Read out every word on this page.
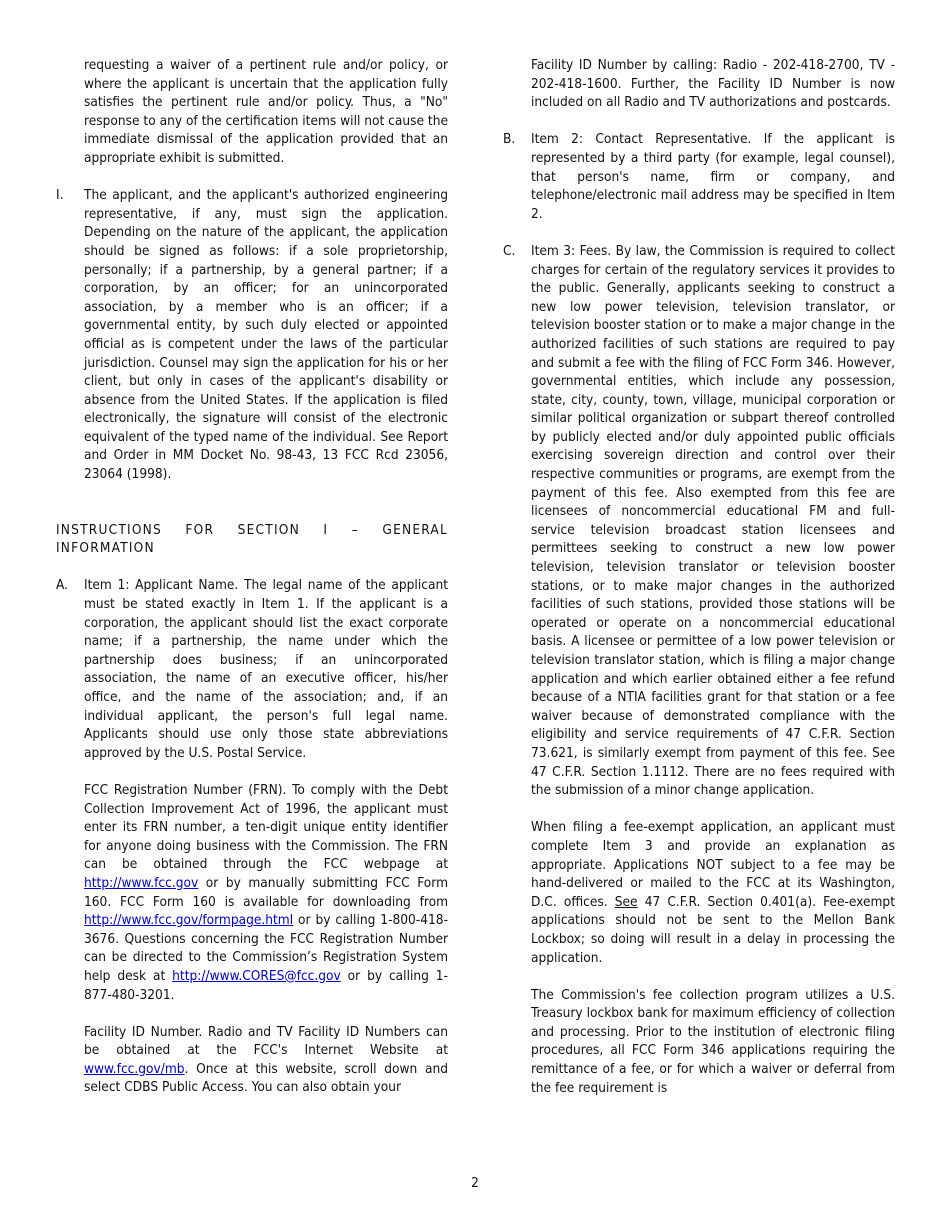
requesting a waiver of a pertinent rule and/or policy, or where the applicant is uncertain that the application fully satisfies the pertinent rule and/or policy. Thus, a "No" response to any of the certification items will not cause the immediate dismissal of the application provided that an appropriate exhibit is submitted.

I. The applicant, and the applicant's authorized engineering representative, if any, must sign the application. Depending on the nature of the applicant, the application should be signed as follows: if a sole proprietorship, personally; if a partnership, by a general partner; if a corporation, by an officer; for an unincorporated association, by a member who is an officer; if a governmental entity, by such duly elected or appointed official as is competent under the laws of the particular jurisdiction. Counsel may sign the application for his or her client, but only in cases of the applicant's disability or absence from the United States. If the application is filed electronically, the signature will consist of the electronic equivalent of the typed name of the individual. See Report and Order in MM Docket No. 98-43, 13 FCC Rcd 23056, 23064 (1998).
INSTRUCTIONS FOR SECTION I – GENERAL INFORMATION
A. Item 1: Applicant Name. The legal name of the applicant must be stated exactly in Item 1. If the applicant is a corporation, the applicant should list the exact corporate name; if a partnership, the name under which the partnership does business; if an unincorporated association, the name of an executive officer, his/her office, and the name of the association; and, if an individual applicant, the person's full legal name. Applicants should use only those state abbreviations approved by the U.S. Postal Service.

FCC Registration Number (FRN). To comply with the Debt Collection Improvement Act of 1996, the applicant must enter its FRN number, a ten-digit unique entity identifier for anyone doing business with the Commission. The FRN can be obtained through the FCC webpage at http://www.fcc.gov or by manually submitting FCC Form 160. FCC Form 160 is available for downloading from http://www.fcc.gov/formpage.html or by calling 1-800-418-3676. Questions concerning the FCC Registration Number can be directed to the Commission’s Registration System help desk at http://www.CORES@fcc.gov or by calling 1-877-480-3201.

Facility ID Number. Radio and TV Facility ID Numbers can be obtained at the FCC's Internet Website at www.fcc.gov/mb. Once at this website, scroll down and select CDBS Public Access. You can also obtain your

Facility ID Number by calling: Radio - 202-418-2700, TV - 202-418-1600. Further, the Facility ID Number is now included on all Radio and TV authorizations and postcards.

B. Item 2: Contact Representative. If the applicant is represented by a third party (for example, legal counsel), that person's name, firm or company, and telephone/electronic mail address may be specified in Item 2.
C. Item 3: Fees. By law, the Commission is required to collect charges for certain of the regulatory services it provides to the public. Generally, applicants seeking to construct a new low power television, television translator, or television booster station or to make a major change in the authorized facilities of such stations are required to pay and submit a fee with the filing of FCC Form 346. However, governmental entities, which include any possession, state, city, county, town, village, municipal corporation or similar political organization or subpart thereof controlled by publicly elected and/or duly appointed public officials exercising sovereign direction and control over their respective communities or programs, are exempt from the payment of this fee. Also exempted from this fee are licensees of noncommercial educational FM and full-service television broadcast station licensees and permittees seeking to construct a new low power television, television translator or television booster stations, or to make major changes in the authorized facilities of such stations, provided those stations will be operated or operate on a noncommercial educational basis. A licensee or permittee of a low power television or television translator station, which is filing a major change application and which earlier obtained either a fee refund because of a NTIA facilities grant for that station or a fee waiver because of demonstrated compliance with the eligibility and service requirements of 47 C.F.R. Section 73.621, is similarly exempt from payment of this fee. See 47 C.F.R. Section 1.1112. There are no fees required with the submission of a minor change application.

When filing a fee-exempt application, an applicant must complete Item 3 and provide an explanation as appropriate. Applications NOT subject to a fee may be hand-delivered or mailed to the FCC at its Washington, D.C. offices. See 47 C.F.R. Section 0.401(a). Fee-exempt applications should not be sent to the Mellon Bank Lockbox; so doing will result in a delay in processing the application.

The Commission's fee collection program utilizes a U.S. Treasury lockbox bank for maximum efficiency of collection and processing. Prior to the institution of electronic filing procedures, all FCC Form 346 applications requiring the remittance of a fee, or for which a waiver or deferral from the fee requirement is

2
